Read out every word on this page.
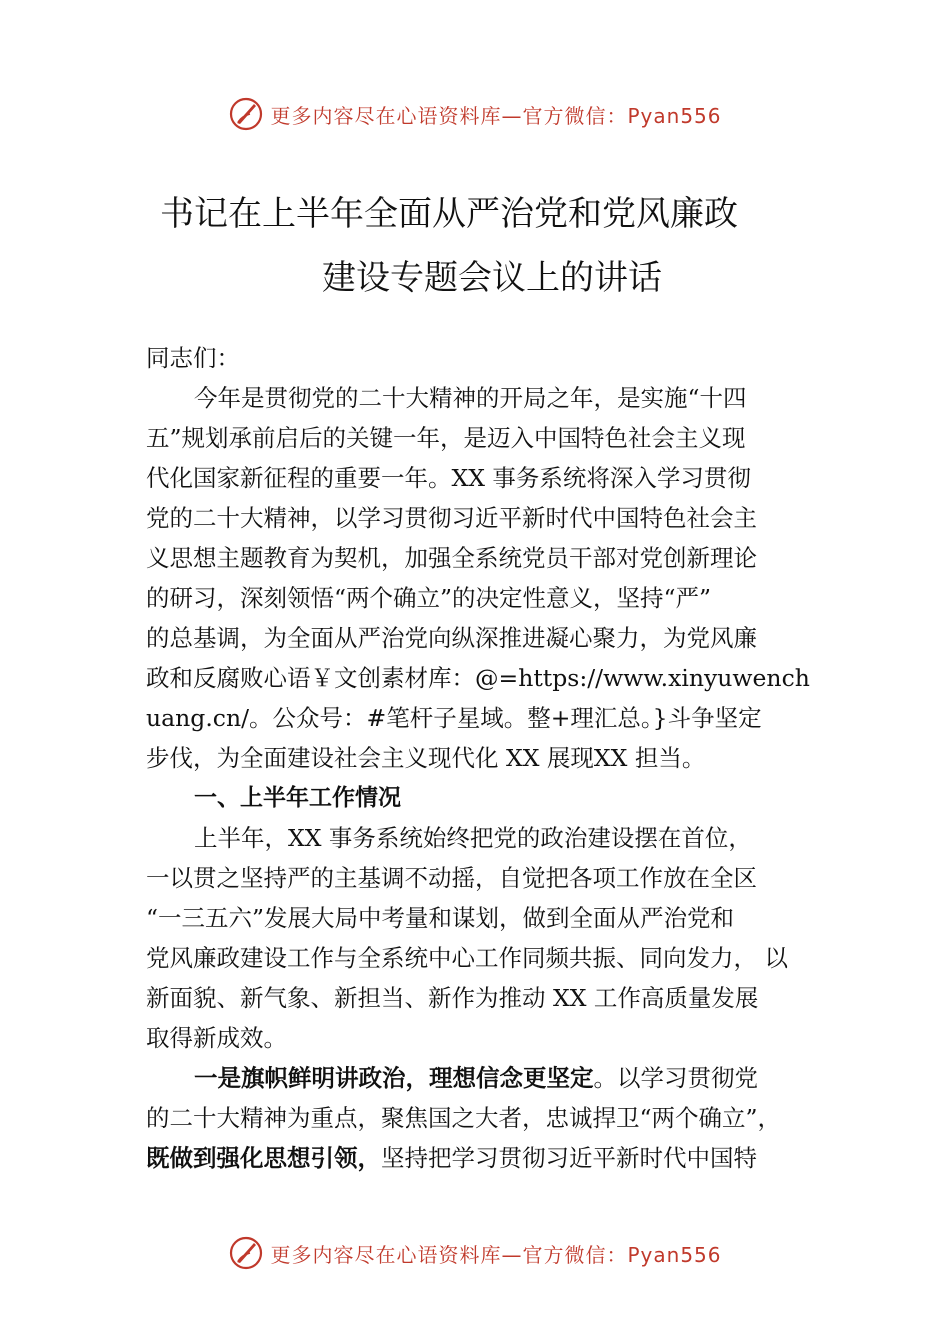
更多内容尽在心语资料库—官方微信：Pyan556
书记在上半年全面从严治党和党风廉政
建设专题会议上的讲话
同志们：
今年是贯彻党的二十大精神的开局之年，是实施“十四
五”规划承前启后的关键一年，是迈入中国特色社会主义现
代化国家新征程的重要一年。XX 事务系统将深入学习贯彻
党的二十大精神，以学习贯彻习近平新时代中国特色社会主
义思想主题教育为契机，加强全系统党员干部对党创新理论
的研习，深刻领悟“两个确立”的决定性意义，坚持“严”
的总基调，为全面从严治党向纵深推进凝心聚力，为党风廉
政和反腐败心语￥文创素材库：@=https://www.xinyuwench
uang.cn/。公众号：#笔杆子星域。整+理汇总。}斗争坚定
步伐，为全面建设社会主义现代化 XX 展现XX 担当。
一、上半年工作情况
上半年，XX 事务系统始终把党的政治建设摆在首位，
一以贯之坚持严的主基调不动摇，自觉把各项工作放在全区
“一三五六”发展大局中考量和谋划，做到全面从严治党和
党风廉政建设工作与全系统中心工作同频共振、同向发力， 以
新面貌、新气象、新担当、新作为推动 XX 工作高质量发展
取得新成效。
一是旗帜鲜明讲政治，理想信念更坚定。以学习贯彻党
的二十大精神为重点，聚焦国之大者，忠诚捍卫“两个确立”，
既做到强化思想引领，坚持把学习贯彻习近平新时代中国特
更多内容尽在心语资料库—官方微信：Pyan556
